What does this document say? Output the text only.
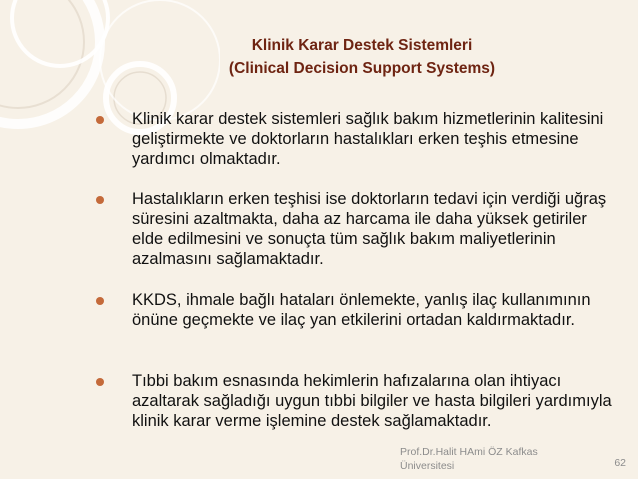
Klinik Karar Destek Sistemleri
(Clinical Decision Support Systems)
Klinik karar destek sistemleri sağlık bakım hizmetlerinin kalitesini geliştirmekte ve doktorların hastalıkları erken teşhis etmesine yardımcı olmaktadır.
Hastalıkların erken teşhisi ise doktorların tedavi için verdiği uğraş süresini azaltmakta, daha az harcama ile daha yüksek getiriler elde edilmesini ve sonuçta tüm sağlık bakım maliyetlerinin azalmasını sağlamaktadır.
KKDS, ihmale bağlı hataları önlemekte, yanlış ilaç kullanımının önüne geçmekte ve ilaç yan etkilerini ortadan kaldırmaktadır.
Tıbbi bakım esnasında hekimlerin hafızalarına olan ihtiyacı azaltarak sağladığı uygun tıbbi bilgiler ve hasta bilgileri yardımıyla klinik karar verme işlemine destek sağlamaktadır.
Prof.Dr.Halit HAmi ÖZ Kafkas Üniversitesi	62
